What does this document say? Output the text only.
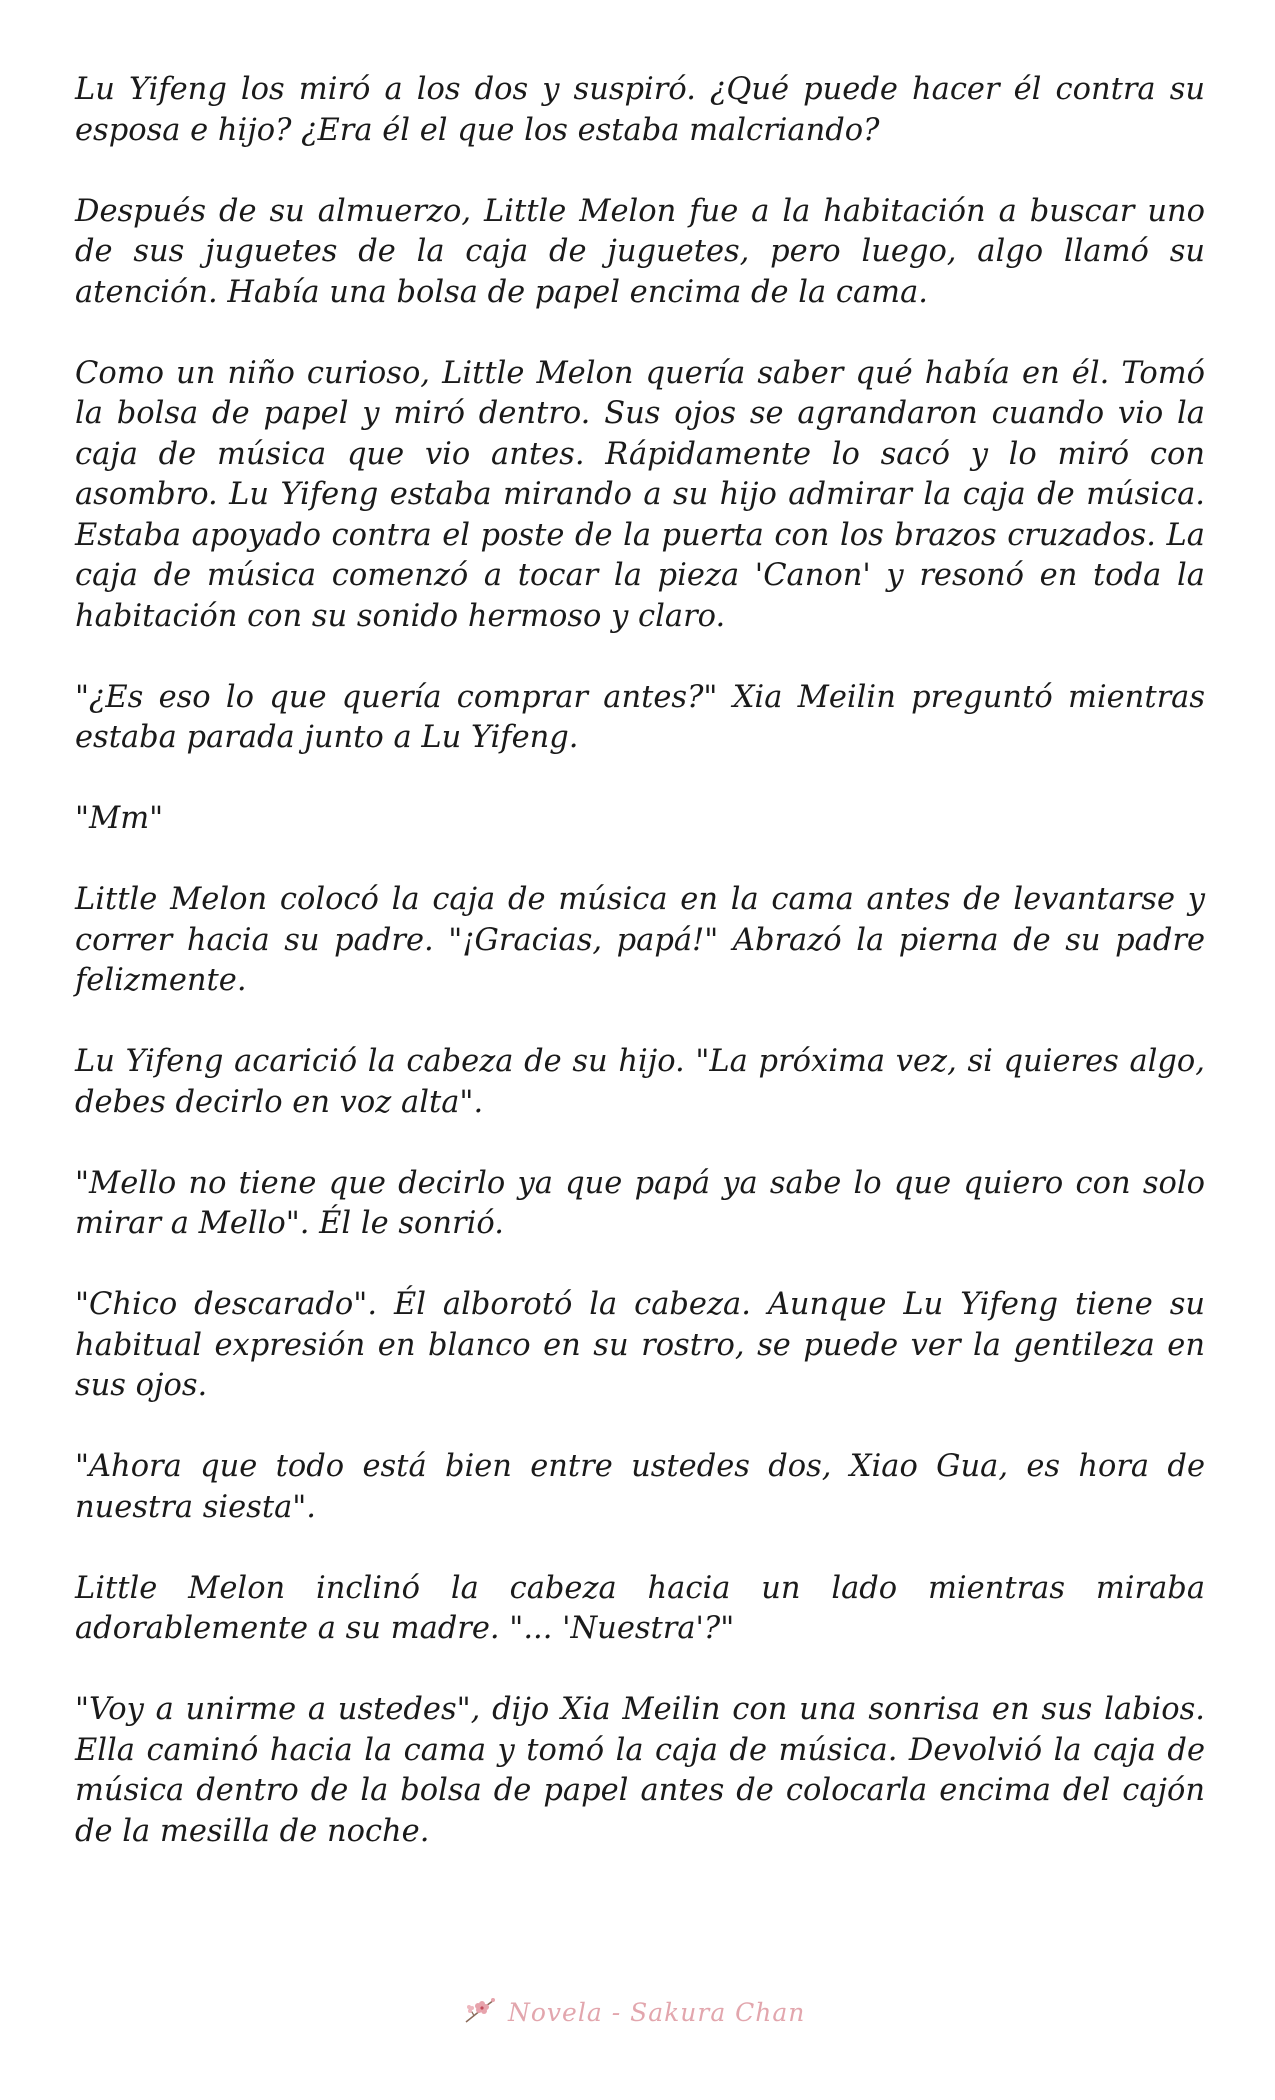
Lu Yifeng los miró a los dos y suspiró. ¿Qué puede hacer él contra su esposa e hijo? ¿Era él el que los estaba malcriando?

Después de su almuerzo, Little Melon fue a la habitación a buscar uno de sus juguetes de la caja de juguetes, pero luego, algo llamó su atención. Había una bolsa de papel encima de la cama.

Como un niño curioso, Little Melon quería saber qué había en él. Tomó la bolsa de papel y miró dentro. Sus ojos se agrandaron cuando vio la caja de música que vio antes. Rápidamente lo sacó y lo miró con asombro. Lu Yifeng estaba mirando a su hijo admirar la caja de música. Estaba apoyado contra el poste de la puerta con los brazos cruzados. La caja de música comenzó a tocar la pieza 'Canon' y resonó en toda la habitación con su sonido hermoso y claro.

"¿Es eso lo que quería comprar antes?" Xia Meilin preguntó mientras estaba parada junto a Lu Yifeng.

"Mm"

Little Melon colocó la caja de música en la cama antes de levantarse y correr hacia su padre. "¡Gracias, papá!" Abrazó la pierna de su padre felizmente.

Lu Yifeng acarició la cabeza de su hijo. "La próxima vez, si quieres algo, debes decirlo en voz alta".

"Mello no tiene que decirlo ya que papá ya sabe lo que quiero con solo mirar a Mello". Él le sonrió.

"Chico descarado". Él alborotó la cabeza. Aunque Lu Yifeng tiene su habitual expresión en blanco en su rostro, se puede ver la gentileza en sus ojos.

"Ahora que todo está bien entre ustedes dos, Xiao Gua, es hora de nuestra siesta".

Little Melon inclinó la cabeza hacia un lado mientras miraba adorablemente a su madre. "... 'Nuestra'?"

"Voy a unirme a ustedes", dijo Xia Meilin con una sonrisa en sus labios. Ella caminó hacia la cama y tomó la caja de música. Devolvió la caja de música dentro de la bolsa de papel antes de colocarla encima del cajón de la mesilla de noche.

Novela - Sakura Chan
